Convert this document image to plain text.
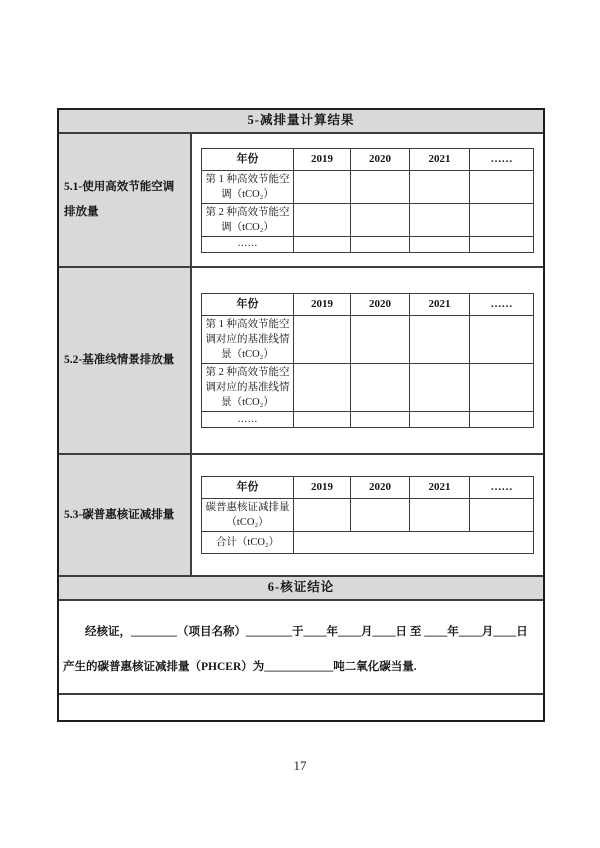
5-减排量计算结果
5.1-使用高效节能空调排放量
年份	2019	2020	2021	……
第 1 种高效节能空调（tCO₂）				
第 2 种高效节能空调（tCO₂）				
……				
5.2-基准线情景排放量
年份	2019	2020	2021	……
第 1 种高效节能空调对应的基准线情景（tCO₂）				
第 2 种高效节能空调对应的基准线情景（tCO₂）				
……				
5.3-碳普惠核证减排量
年份	2019	2020	2021	……
碳普惠核证减排量（tCO₂）				
合计（tCO₂）				
6-核证结论
经核证，________（项目名称）________于____年____月____日 至 ____年____月____日
产生的碳普惠核证减排量（PHCER）为____________吨二氧化碳当量.
17
